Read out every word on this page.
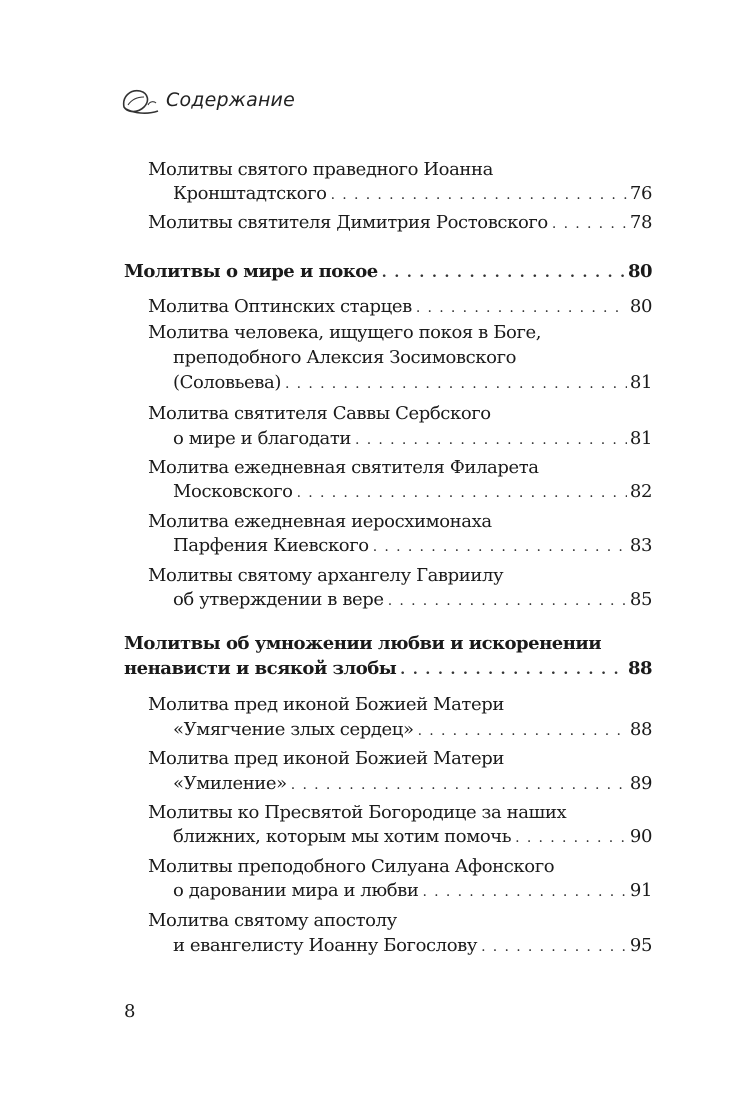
Содержание
Молитвы святого праведного Иоанна
Кронштадтского . . .	76
Молитвы святителя Димитрия Ростовского . . .	78
Молитвы о мире и покое . . .	80
Молитва Оптинских старцев . . .	80
Молитва человека, ищущего покоя в Боге,
преподобного Алексия Зосимовского
(Соловьева) . . .	81
Молитва святителя Саввы Сербского
о мире и благодати . . .	81
Молитва ежедневная святителя Филарета
Московского . . .	82
Молитва ежедневная иеросхимонаха
Парфения Киевского . . .	83
Молитвы святому архангелу Гавриилу
об утверждении в вере . . .	85
Молитвы об умножении любви и искоренении
ненависти и всякой злобы . . .	88
Молитва пред иконой Божией Матери
«Умягчение злых сердец» . . .	88
Молитва пред иконой Божией Матери
«Умиление» . . .	89
Молитвы ко Пресвятой Богородице за наших
ближних, которым мы хотим помочь . . .	90
Молитвы преподобного Силуана Афонского
о даровании мира и любви . . .	91
Молитва святому апостолу
и евангелисту Иоанну Богослову . . .	95
8
